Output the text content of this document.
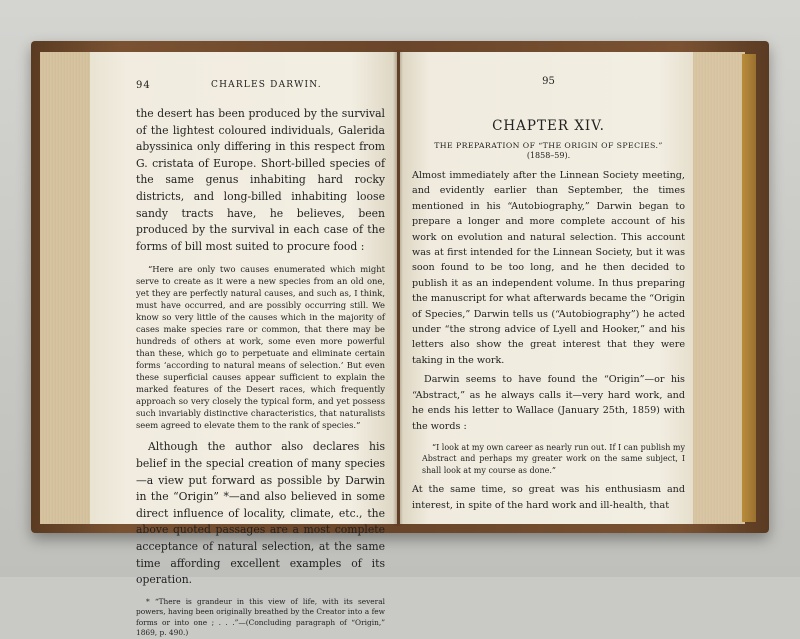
94	CHARLES DARWIN.

the desert has been produced by the survival of the lightest coloured individuals, Galerida abyssinica only differing in this respect from G. cristata of Europe. Short-billed species of the same genus inhabiting hard rocky districts, and long-billed inhabiting loose sandy tracts have, he believes, been produced by the survival in each case of the forms of bill most suited to procure food :

“Here are only two causes enumerated which might serve to create as it were a new species from an old one, yet they are perfectly natural causes, and such as, I think, must have occurred, and are possibly occurring still. We know so very little of the causes which in the majority of cases make species rare or common, that there may be hundreds of others at work, some even more powerful than these, which go to perpetuate and eliminate certain forms ‘according to natural means of selection.’ But even these superficial causes appear sufficient to explain the marked features of the Desert races, which frequently approach so very closely the typical form, and yet possess such invariably distinctive characteristics, that naturalists seem agreed to elevate them to the rank of species.”

Although the author also declares his belief in the special creation of many species—a view put forward as possible by Darwin in the “Origin” *—and also believed in some direct influence of locality, climate, etc., the above quoted passages are a most complete acceptance of natural selection, at the same time affording excellent examples of its operation.

* “There is grandeur in this view of life, with its several powers, having been originally breathed by the Creator into a few forms or into one ; . . .”—(Concluding paragraph of “Origin,” 1869, p. 490.)

95
CHAPTER XIV.
THE PREPARATION OF “THE ORIGIN OF SPECIES.”
(1858–59).

Almost immediately after the Linnean Society meeting, and evidently earlier than September, the times mentioned in his “Autobiography,” Darwin began to prepare a longer and more complete account of his work on evolution and natural selection. This account was at first intended for the Linnean Society, but it was soon found to be too long, and he then decided to publish it as an independent volume. In thus preparing the manuscript for what afterwards became the “Origin of Species,” Darwin tells us (“Autobiography”) he acted under “the strong advice of Lyell and Hooker,” and his letters also show the great interest that they were taking in the work.

Darwin seems to have found the “Origin”—or his “Abstract,” as he always calls it—very hard work, and he ends his letter to Wallace (January 25th, 1859) with the words :

“I look at my own career as nearly run out. If I can publish my Abstract and perhaps my greater work on the same subject, I shall look at my course as done.”

At the same time, so great was his enthusiasm and interest, in spite of the hard work and ill-health, that
